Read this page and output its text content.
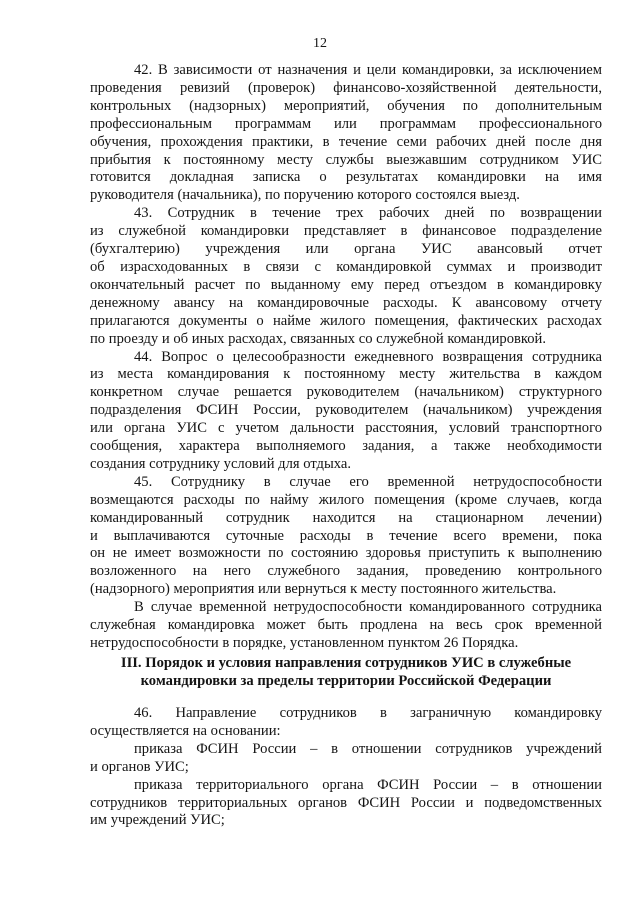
12

42. В зависимости от назначения и цели командировки, за исключением

проведения ревизий (проверок) финансово-хозяйственной деятельности,

контрольных (надзорных) мероприятий, обучения по дополнительным

профессиональным программам или программам профессионального

обучения, прохождения практики, в течение семи рабочих дней после дня

прибытия к постоянному месту службы выезжавшим сотрудником УИС

готовится докладная записка о результатах командировки на имя

руководителя (начальника), по поручению которого состоялся выезд.

43. Сотрудник в течение трех рабочих дней по возвращении

из служебной командировки представляет в финансовое подразделение

(бухгалтерию) учреждения или органа УИС авансовый отчет

об израсходованных в связи с командировкой суммах и производит

окончательный расчет по выданному ему перед отъездом в командировку

денежному авансу на командировочные расходы. К авансовому отчету

прилагаются документы о найме жилого помещения, фактических расходах

по проезду и об иных расходах, связанных со служебной командировкой.

44. Вопрос о целесообразности ежедневного возвращения сотрудника

из места командирования к постоянному месту жительства в каждом

конкретном случае решается руководителем (начальником) структурного

подразделения ФСИН России, руководителем (начальником) учреждения

или органа УИС с учетом дальности расстояния, условий транспортного

сообщения, характера выполняемого задания, а также необходимости

создания сотруднику условий для отдыха.

45. Сотруднику в случае его временной нетрудоспособности

возмещаются расходы по найму жилого помещения (кроме случаев, когда

командированный сотрудник находится на стационарном лечении)

и выплачиваются суточные расходы в течение всего времени, пока

он не имеет возможности по состоянию здоровья приступить к выполнению

возложенного на него служебного задания, проведению контрольного

(надзорного) мероприятия или вернуться к месту постоянного жительства.

В случае временной нетрудоспособности командированного сотрудника

служебная командировка может быть продлена на весь срок временной

нетрудоспособности в порядке, установленном пунктом 26 Порядка.

III. Порядок и условия направления сотрудников УИС в служебные
командировки за пределы территории Российской Федерации

46. Направление сотрудников в заграничную командировку

осуществляется на основании:

приказа ФСИН России – в отношении сотрудников учреждений

и органов УИС;

приказа территориального органа ФСИН России – в отношении

сотрудников территориальных органов ФСИН России и подведомственных

им учреждений УИС;
